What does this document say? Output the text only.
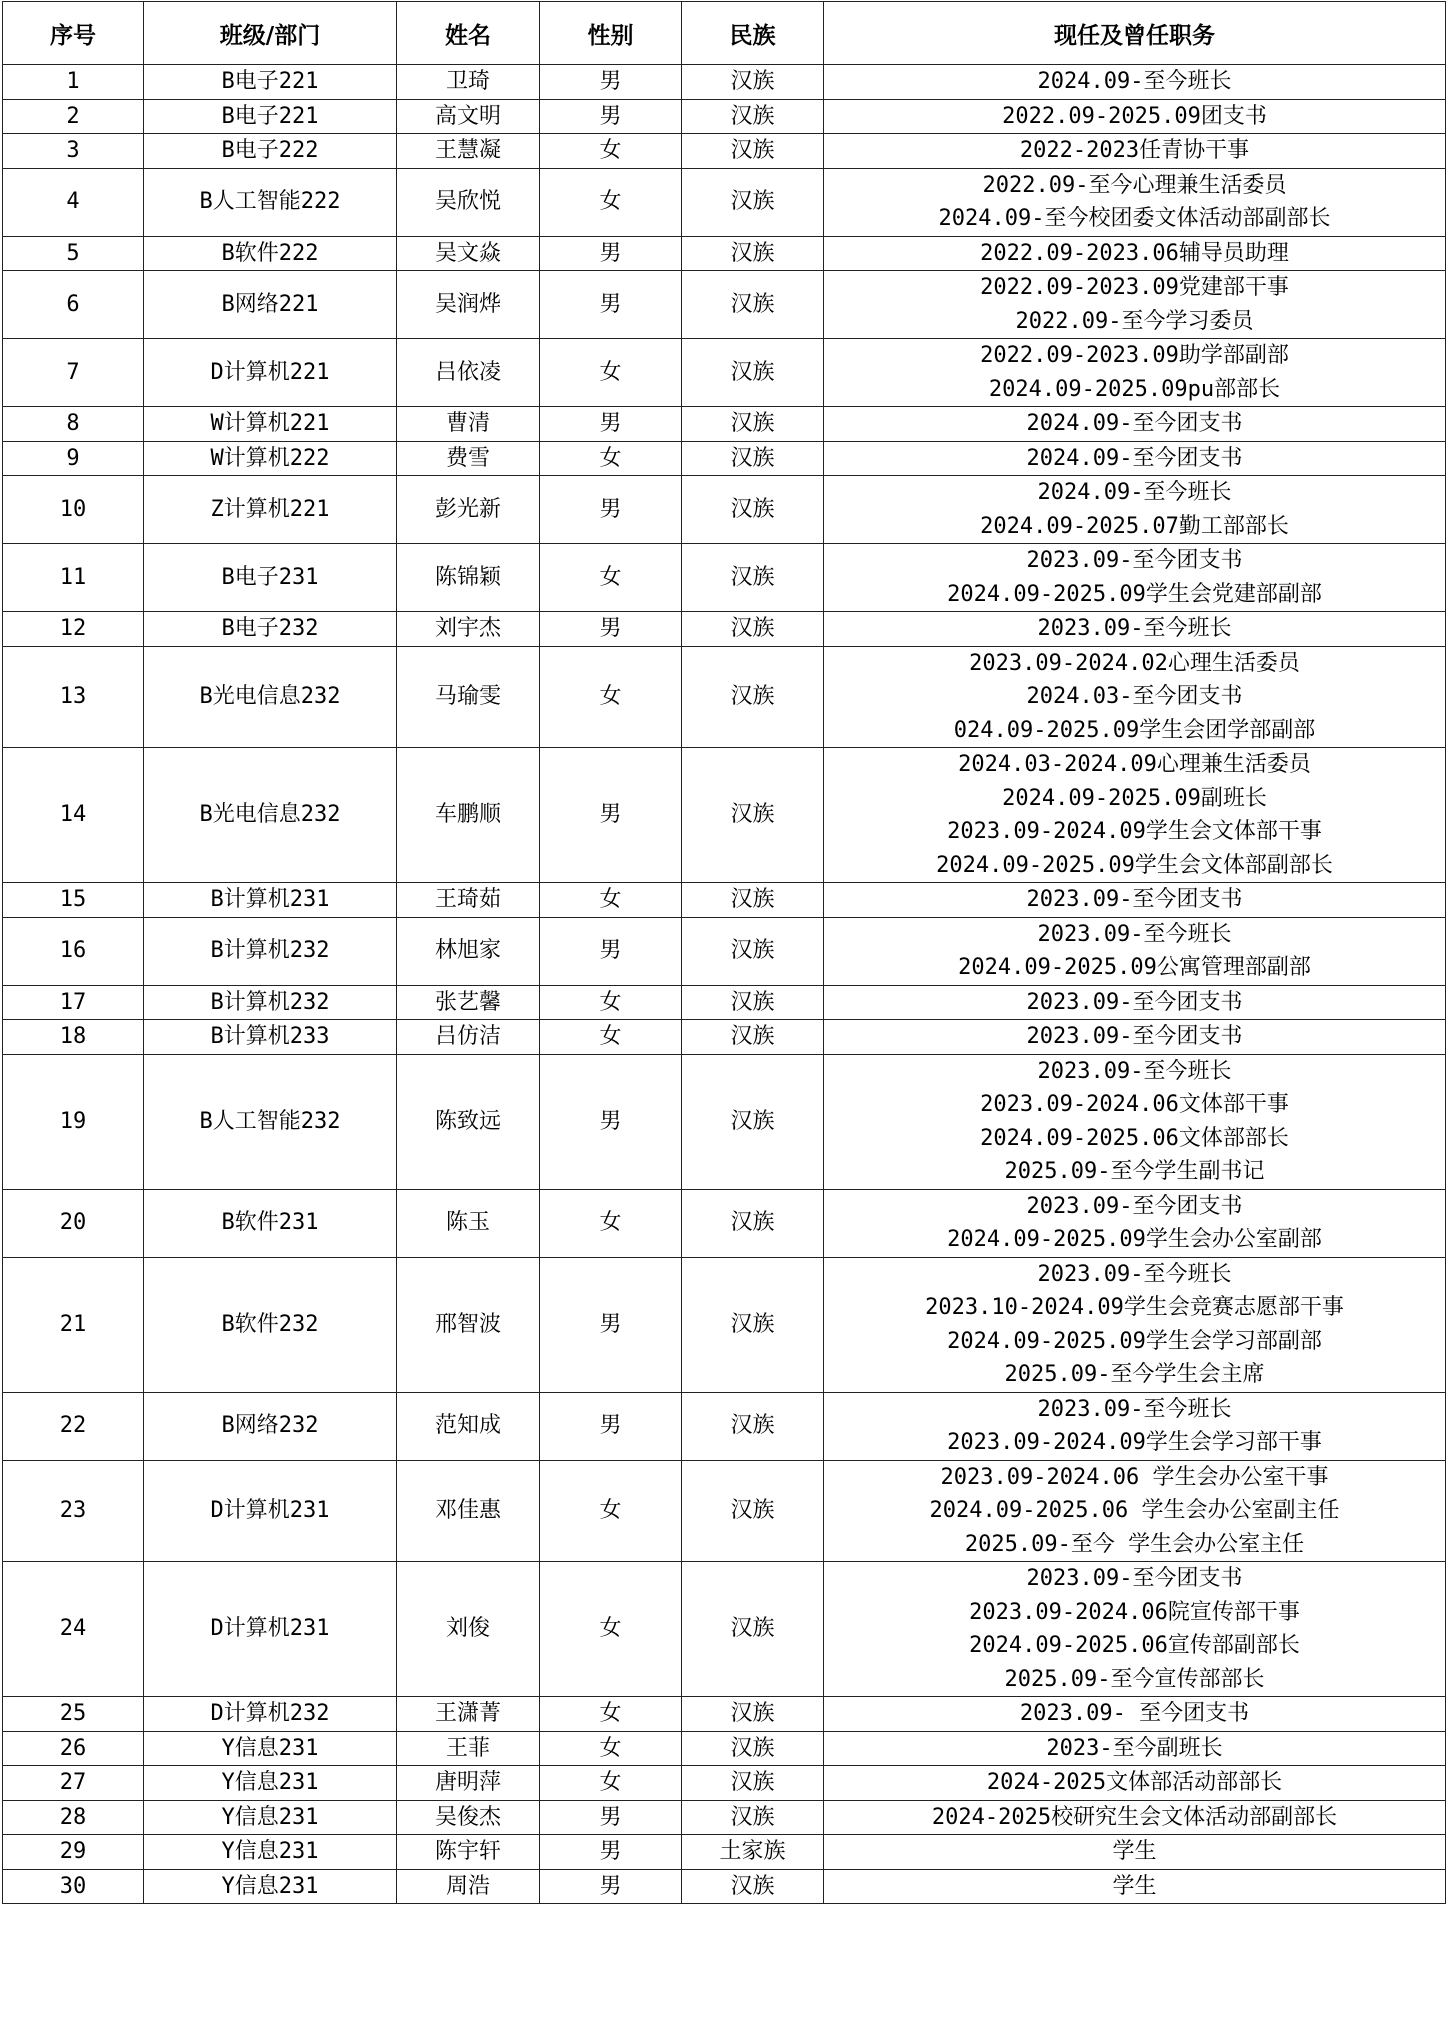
序号	班级/部门	姓名	性别	民族	现任及曾任职务
1	B电子221	卫琦	男	汉族	2024.09-至今班长

2	B电子221	高文明	男	汉族	2022.09-2025.09团支书

3	B电子222	王慧凝	女	汉族	2022-2023任青协干事

4	B人工智能222	吴欣悦	女	汉族	2022.09-至今心理兼生活委员
2024.09-至今校团委文体活动部副部长

5	B软件222	吴文焱	男	汉族	2022.09-2023.06辅导员助理

6	B网络221	吴润烨	男	汉族	2022.09-2023.09党建部干事
2022.09-至今学习委员

7	D计算机221	吕依凌	女	汉族	2022.09-2023.09助学部副部
2024.09-2025.09pu部部长

8	W计算机221	曹清	男	汉族	2024.09-至今团支书

9	W计算机222	费雪	女	汉族	2024.09-至今团支书

10	Z计算机221	彭光新	男	汉族	2024.09-至今班长
2024.09-2025.07勤工部部长

11	B电子231	陈锦颖	女	汉族	2023.09-至今团支书
2024.09-2025.09学生会党建部副部

12	B电子232	刘宇杰	男	汉族	2023.09-至今班长

13	B光电信息232	马瑜雯	女	汉族	2023.09-2024.02心理生活委员
2024.03-至今团支书
024.09-2025.09学生会团学部副部

14	B光电信息232	车鹏顺	男	汉族	2024.03-2024.09心理兼生活委员
2024.09-2025.09副班长
2023.09-2024.09学生会文体部干事
2024.09-2025.09学生会文体部副部长

15	B计算机231	王琦茹	女	汉族	2023.09-至今团支书

16	B计算机232	林旭家	男	汉族	2023.09-至今班长
2024.09-2025.09公寓管理部副部

17	B计算机232	张艺馨	女	汉族	2023.09-至今团支书

18	B计算机233	吕仿洁	女	汉族	2023.09-至今团支书

19	B人工智能232	陈致远	男	汉族	2023.09-至今班长
2023.09-2024.06文体部干事
2024.09-2025.06文体部部长
2025.09-至今学生副书记

20	B软件231	陈玉	女	汉族	2023.09-至今团支书
2024.09-2025.09学生会办公室副部

21	B软件232	邢智波	男	汉族	2023.09-至今班长
2023.10-2024.09学生会竞赛志愿部干事
2024.09-2025.09学生会学习部副部
2025.09-至今学生会主席

22	B网络232	范知成	男	汉族	2023.09-至今班长
2023.09-2024.09学生会学习部干事

23	D计算机231	邓佳惠	女	汉族	2023.09-2024.06 学生会办公室干事
2024.09-2025.06 学生会办公室副主任
2025.09-至今 学生会办公室主任

24	D计算机231	刘俊	女	汉族	2023.09-至今团支书
2023.09-2024.06院宣传部干事
2024.09-2025.06宣传部副部长
2025.09-至今宣传部部长

25	D计算机232	王潇菁	女	汉族	2023.09- 至今团支书

26	Y信息231	王菲	女	汉族	2023-至今副班长

27	Y信息231	唐明萍	女	汉族	2024-2025文体部活动部部长

28	Y信息231	吴俊杰	男	汉族	2024-2025校研究生会文体活动部副部长

29	Y信息231	陈宇轩	男	土家族	学生

30	Y信息231	周浩	男	汉族	学生
